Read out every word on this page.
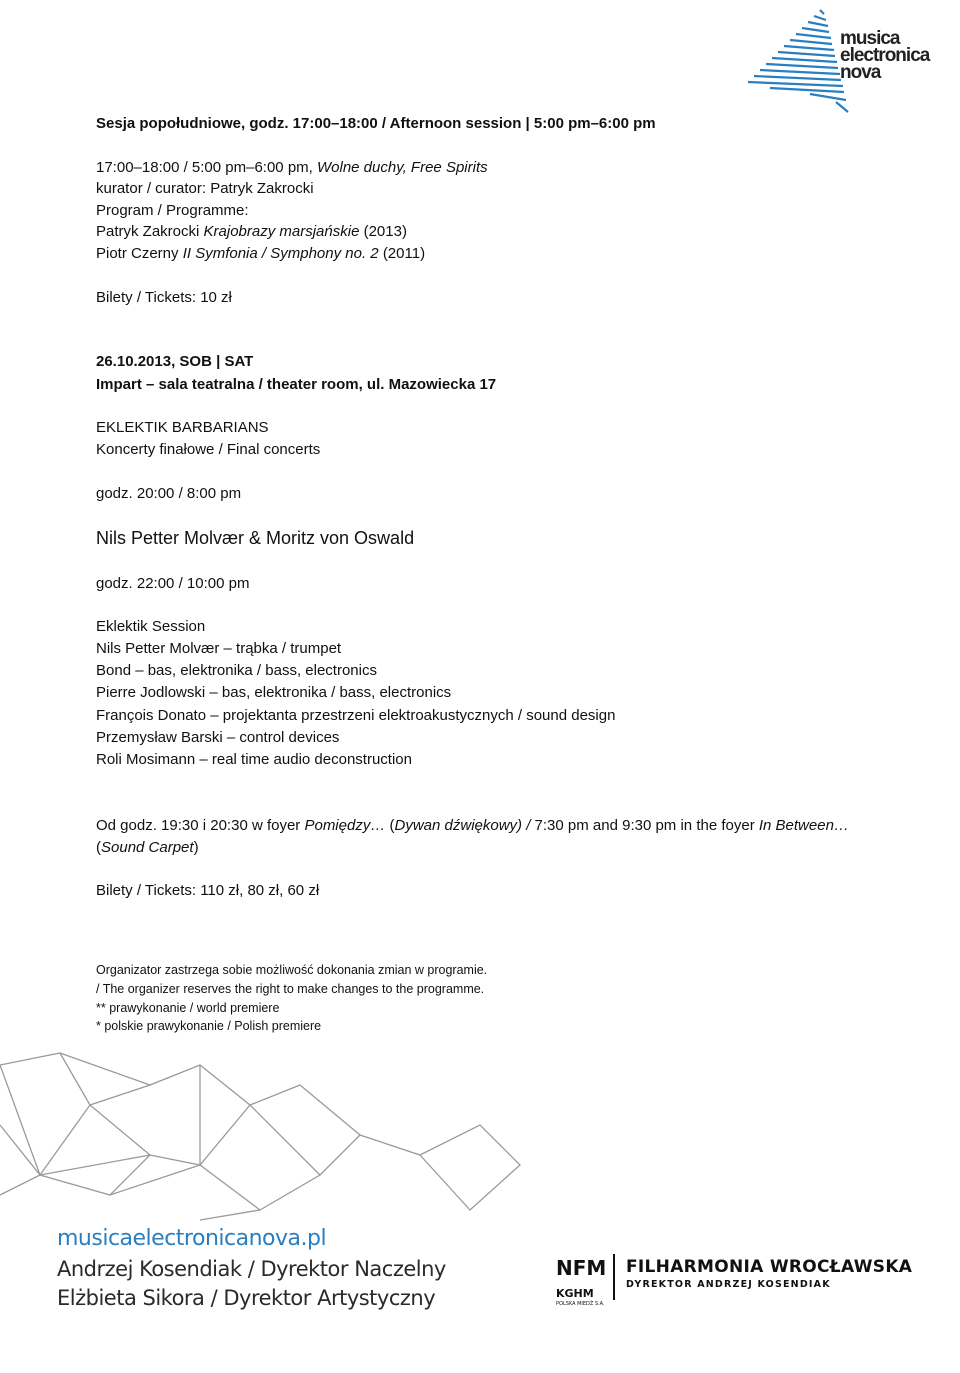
musica
electronica
nova
Sesja popołudniowe, godz. 17:00–18:00 / Afternoon session | 5:00 pm–6:00 pm
17:00–18:00 / 5:00 pm–6:00 pm, Wolne duchy, Free Spirits
kurator / curator: Patryk Zakrocki
Program / Programme:
Patryk Zakrocki Krajobrazy marsjańskie (2013)
Piotr Czerny II Symfonia / Symphony no. 2 (2011)
Bilety / Tickets: 10 zł
26.10.2013, SOB | SAT
Impart – sala teatralna / theater room, ul. Mazowiecka 17
EKLEKTIK BARBARIANS
Koncerty finałowe / Final concerts
godz. 20:00 / 8:00 pm
Nils Petter Molvær & Moritz von Oswald
godz. 22:00 / 10:00 pm
Eklektik Session
Nils Petter Molvær – trąbka / trumpet
Bond – bas, elektronika / bass, electronics
Pierre Jodlowski – bas, elektronika / bass, electronics
François Donato – projektanta przestrzeni elektroakustycznych / sound design
Przemysław Barski – control devices
Roli Mosimann – real time audio deconstruction
Od godz. 19:30 i 20:30 w foyer Pomiędzy… (Dywan dźwiękowy) / 7:30 pm and 9:30 pm in the foyer In Between…
(Sound Carpet)
Bilety / Tickets: 110 zł, 80 zł, 60 zł
Organizator zastrzega sobie możliwość dokonania zmian w programie.
/ The organizer reserves the right to make changes to the programme.
** prawykonanie / world premiere
* polskie prawykonanie / Polish premiere
musicaelectronicanova.pl
Andrzej Kosendiak / Dyrektor Naczelny
Elżbieta Sikora / Dyrektor Artystyczny
NFM FILHARMONIA WROCŁAWSKA
DYREKTOR ANDRZEJ KOSENDIAK
KGHM
POLSKA MIEDŹ S.A.
